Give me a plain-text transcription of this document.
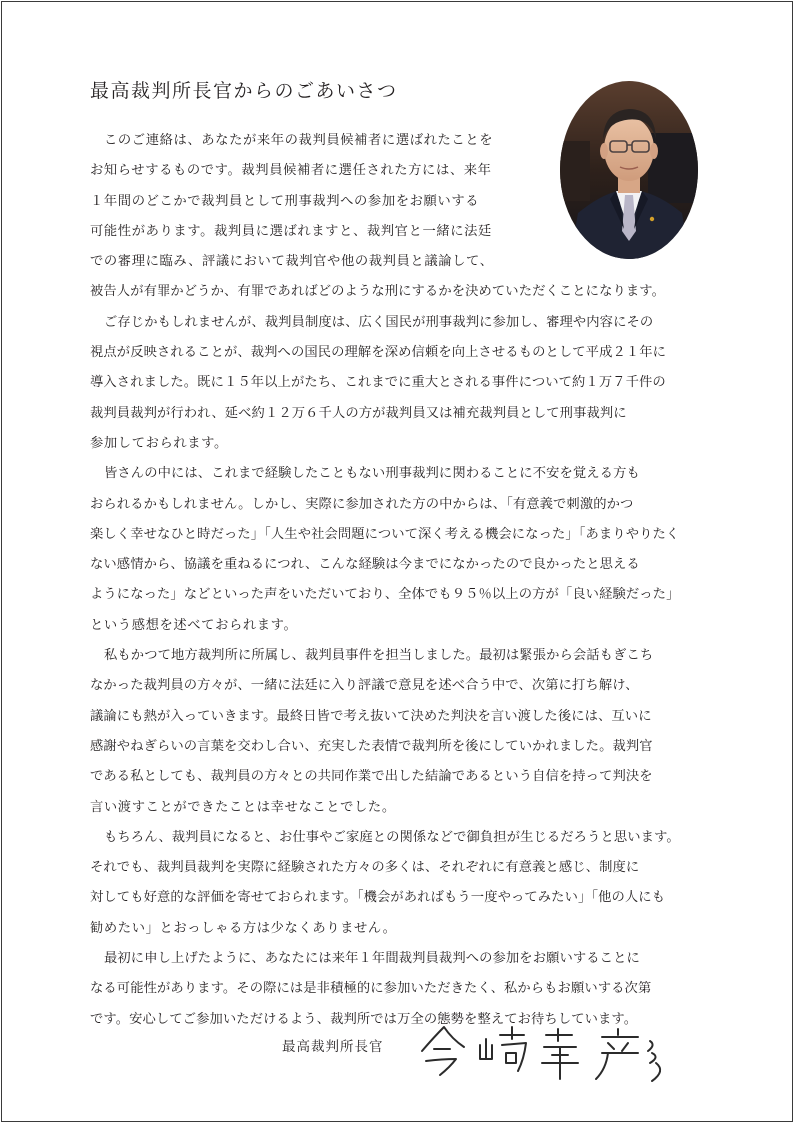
最高裁判所長官からのごあいさつ
このご連絡は、あなたが来年の裁判員候補者に選ばれたことを
お知らせするものです。裁判員候補者に選任された方には、来年
１年間のどこかで裁判員として刑事裁判への参加をお願いする
可能性があります。裁判員に選ばれますと、裁判官と一緒に法廷
での審理に臨み、評議において裁判官や他の裁判員と議論して、
被告人が有罪かどうか、有罪であればどのような刑にするかを決めていただくことになります。
ご存じかもしれませんが、裁判員制度は、広く国民が刑事裁判に参加し、審理や内容にその
視点が反映されることが、裁判への国民の理解を深め信頼を向上させるものとして平成２１年に
導入されました。既に１５年以上がたち、これまでに重大とされる事件について約１万７千件の
裁判員裁判が行われ、延べ約１２万６千人の方が裁判員又は補充裁判員として刑事裁判に
参加しておられます。
皆さんの中には、これまで経験したこともない刑事裁判に関わることに不安を覚える方も
おられるかもしれません。しかし、実際に参加された方の中からは、「有意義で刺激的かつ
楽しく幸せなひと時だった」「人生や社会問題について深く考える機会になった」「あまりやりたく
ない感情から、協議を重ねるにつれ、こんな経験は今までになかったので良かったと思える
ようになった」などといった声をいただいており、全体でも９５％以上の方が「良い経験だった」
という感想を述べておられます。
私もかつて地方裁判所に所属し、裁判員事件を担当しました。最初は緊張から会話もぎこち
なかった裁判員の方々が、一緒に法廷に入り評議で意見を述べ合う中で、次第に打ち解け、
議論にも熱が入っていきます。最終日皆で考え抜いて決めた判決を言い渡した後には、互いに
感謝やねぎらいの言葉を交わし合い、充実した表情で裁判所を後にしていかれました。裁判官
である私としても、裁判員の方々との共同作業で出した結論であるという自信を持って判決を
言い渡すことができたことは幸せなことでした。
もちろん、裁判員になると、お仕事やご家庭との関係などで御負担が生じるだろうと思います。
それでも、裁判員裁判を実際に経験された方々の多くは、それぞれに有意義と感じ、制度に
対しても好意的な評価を寄せておられます。「機会があればもう一度やってみたい」「他の人にも
勧めたい」とおっしゃる方は少なくありません。
最初に申し上げたように、あなたには来年１年間裁判員裁判への参加をお願いすることに
なる可能性があります。その際には是非積極的に参加いただきたく、私からもお願いする次第
です。安心してご参加いただけるよう、裁判所では万全の態勢を整えてお待ちしています。
最高裁判所長官
